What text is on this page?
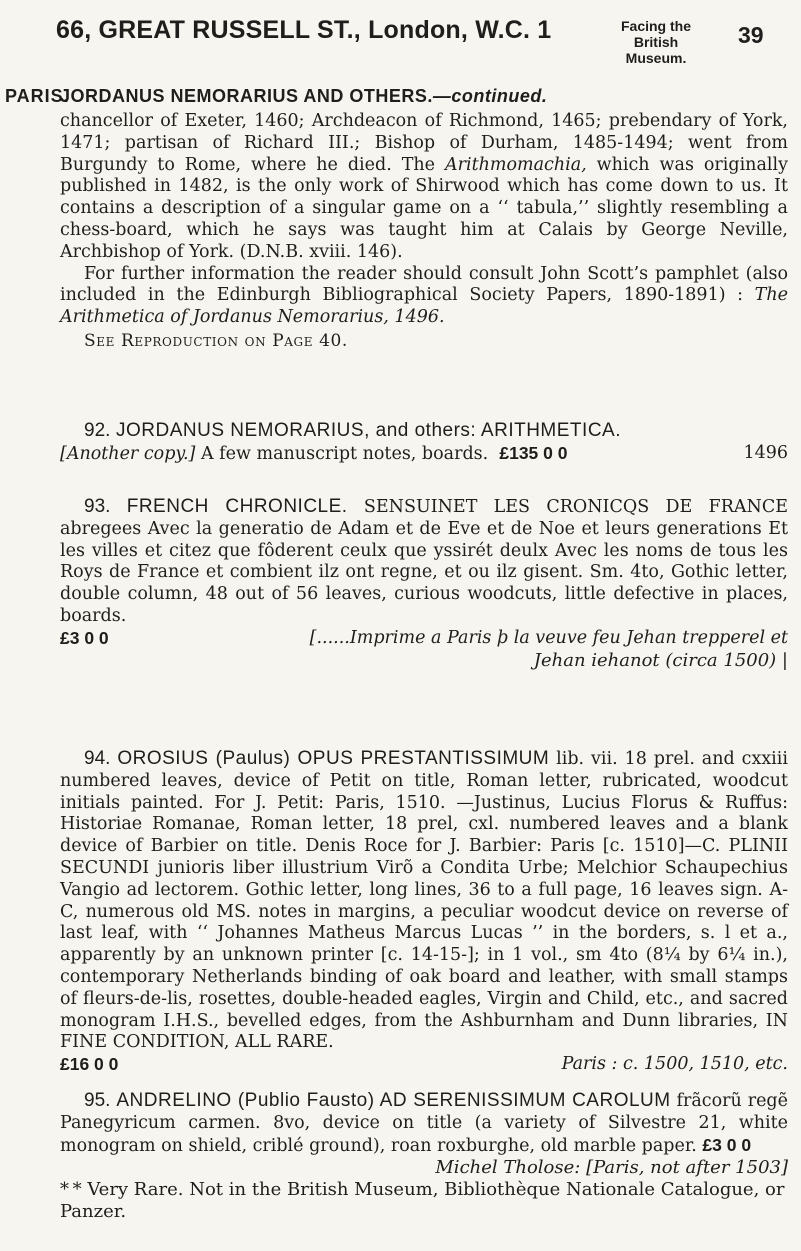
66, GREAT RUSSELL ST., London, W.C. 1	Facing the
British Museum.
39
PARIS.
JORDANUS NEMORARIUS AND OTHERS.—continued.

chancellor of Exeter, 1460; Archdeacon of Richmond, 1465; prebendary of York, 1471; partisan of Richard III.; Bishop of Durham, 1485-1494; went from Burgundy to Rome, where he died. The Arithmomachia, which was originally published in 1482, is the only work of Shirwood which has come down to us. It contains a description of a singular game on a ‘‘ tabula,’’ slightly resembling a chess-board, which he says was taught him at Calais by George Neville, Archbishop of York. (D.N.B. xviii. 146).

For further information the reader should consult John Scott’s pamphlet (also included in the Edinburgh Bibliographical Society Papers, 1890-1891) : The Arithmetica of Jordanus Nemorarius, 1496.

See Reproduction on Page 40.

92. JORDANUS NEMORARIUS, and others: ARITHMETICA.

[Another copy.] A few manuscript notes, boards. £135 0 0	1496

93. FRENCH CHRONICLE. SENSUINET LES CRONICQS DE FRANCE abregees Avec la generatio de Adam et de Eve et de Noe et leurs generations Et les villes et citez que fôderent ceulx que yssirét deulx Avec les noms de tous les Roys de France et combient ilz ont regne, et ou ilz gisent. Sm. 4to, Gothic letter, double column, 48 out of 56 leaves, curious woodcuts, little defective in places, boards.

£3 0 0	[......Imprime a Paris þ la veuve feu Jehan trepperel et

Jehan iehanot (circa 1500) |

94. OROSIUS (Paulus) OPUS PRESTANTISSIMUM lib. vii. 18 prel. and cxxiii numbered leaves, device of Petit on title, Roman letter, rubricated, woodcut initials painted. For J. Petit: Paris, 1510. —Justinus, Lucius Florus & Ruffus: Historiae Romanae, Roman letter, 18 prel, cxl. numbered leaves and a blank device of Barbier on title. Denis Roce for J. Barbier: Paris [c. 1510]—C. PLINII SECUNDI junioris liber illustrium Virõ a Condita Urbe; Melchior Schaupechius Vangio ad lectorem. Gothic letter, long lines, 36 to a full page, 16 leaves sign. A-C, numerous old MS. notes in margins, a peculiar woodcut device on reverse of last leaf, with ‘‘ Johannes Matheus Marcus Lucas ’’ in the borders, s. l et a., apparently by an unknown printer [c. 14-15-]; in 1 vol., sm 4to (8¼ by 6¼ in.), contemporary Netherlands binding of oak board and leather, with small stamps of fleurs-de-lis, rosettes, double-headed eagles, Virgin and Child, etc., and sacred monogram I.H.S., bevelled edges, from the Ashburnham and Dunn libraries, IN FINE CONDITION, ALL RARE.

£16 0 0	Paris : c. 1500, 1510, etc.

95. ANDRELINO (Publio Fausto) AD SERENISSIMUM CAROLUM frãcorũ regẽ Panegyricum carmen. 8vo, device on title (a variety of Silvestre 21, white monogram on shield, criblé ground), roan roxburghe, old marble paper. £3 0 0

Michel Tholose: [Paris, not after 1503]
* * Very Rare. Not in the British Museum, Bibliothèque Nationale Catalogue, or Panzer.
